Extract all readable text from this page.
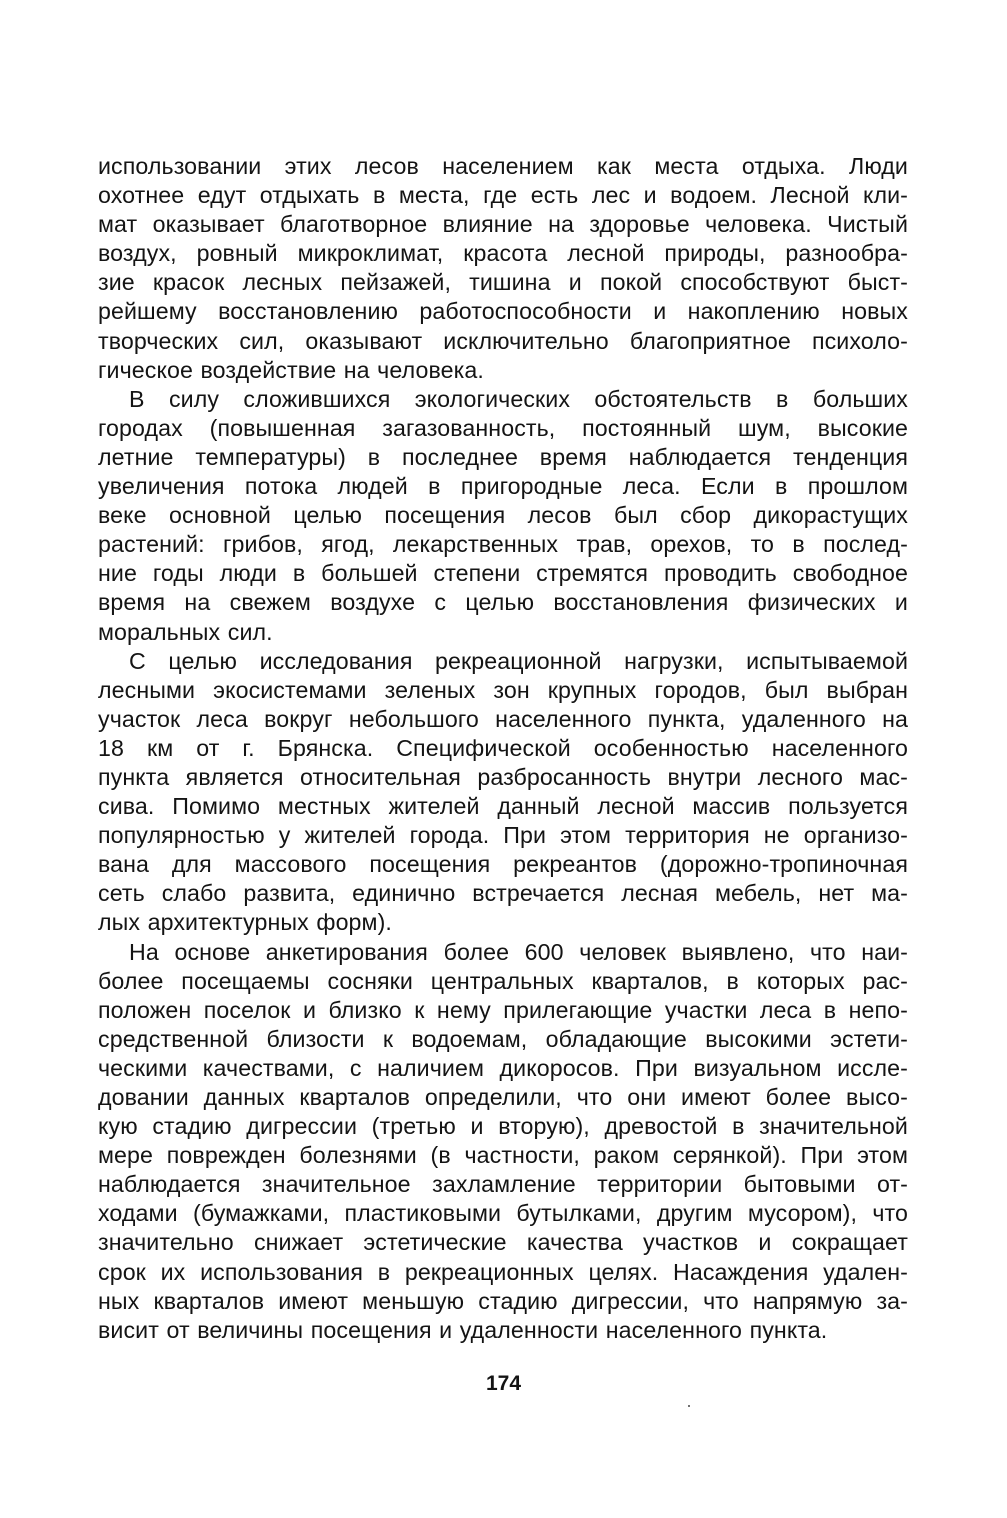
использовании этих лесов населением как места отдыха. Люди
охотнее едут отдыхать в места, где есть лес и водоем. Лесной кли-
мат оказывает благотворное влияние на здоровье человека. Чистый
воздух, ровный микроклимат, красота лесной природы, разнообра-
зие красок лесных пейзажей, тишина и покой способствуют быст-
рейшему восстановлению работоспособности и накоплению новых
творческих сил, оказывают исключительно благоприятное психоло-
гическое воздействие на человека.

В силу сложившихся экологических обстоятельств в больших
городах (повышенная загазованность, постоянный шум, высокие
летние температуры) в последнее время наблюдается тенденция
увеличения потока людей в пригородные леса. Если в прошлом
веке основной целью посещения лесов был сбор дикорастущих
растений: грибов, ягод, лекарственных трав, орехов, то в послед-
ние годы люди в большей степени стремятся проводить свободное
время на свежем воздухе с целью восстановления физических и
моральных сил.

С целью исследования рекреационной нагрузки, испытываемой
лесными экосистемами зеленых зон крупных городов, был выбран
участок леса вокруг небольшого населенного пункта, удаленного на
18 км от г. Брянска. Специфической особенностью населенного
пункта является относительная разбросанность внутри лесного мас-
сива. Помимо местных жителей данный лесной массив пользуется
популярностью у жителей города. При этом территория не организо-
вана для массового посещения рекреантов (дорожно-тропиночная
сеть слабо развита, единично встречается лесная мебель, нет ма-
лых архитектурных форм).

На основе анкетирования более 600 человек выявлено, что наи-
более посещаемы сосняки центральных кварталов, в которых рас-
положен поселок и близко к нему прилегающие участки леса в непо-
средственной близости к водоемам, обладающие высокими эстети-
ческими качествами, с наличием дикоросов. При визуальном иссле-
довании данных кварталов определили, что они имеют более высо-
кую стадию дигрессии (третью и вторую), древостой в значительной
мере поврежден болезнями (в частности, раком серянкой). При этом
наблюдается значительное захламление территории бытовыми от-
ходами (бумажками, пластиковыми бутылками, другим мусором), что
значительно снижает эстетические качества участков и сокращает
срок их использования в рекреационных целях. Насаждения удален-
ных кварталов имеют меньшую стадию дигрессии, что напрямую за-
висит от величины посещения и удаленности населенного пункта.

174
